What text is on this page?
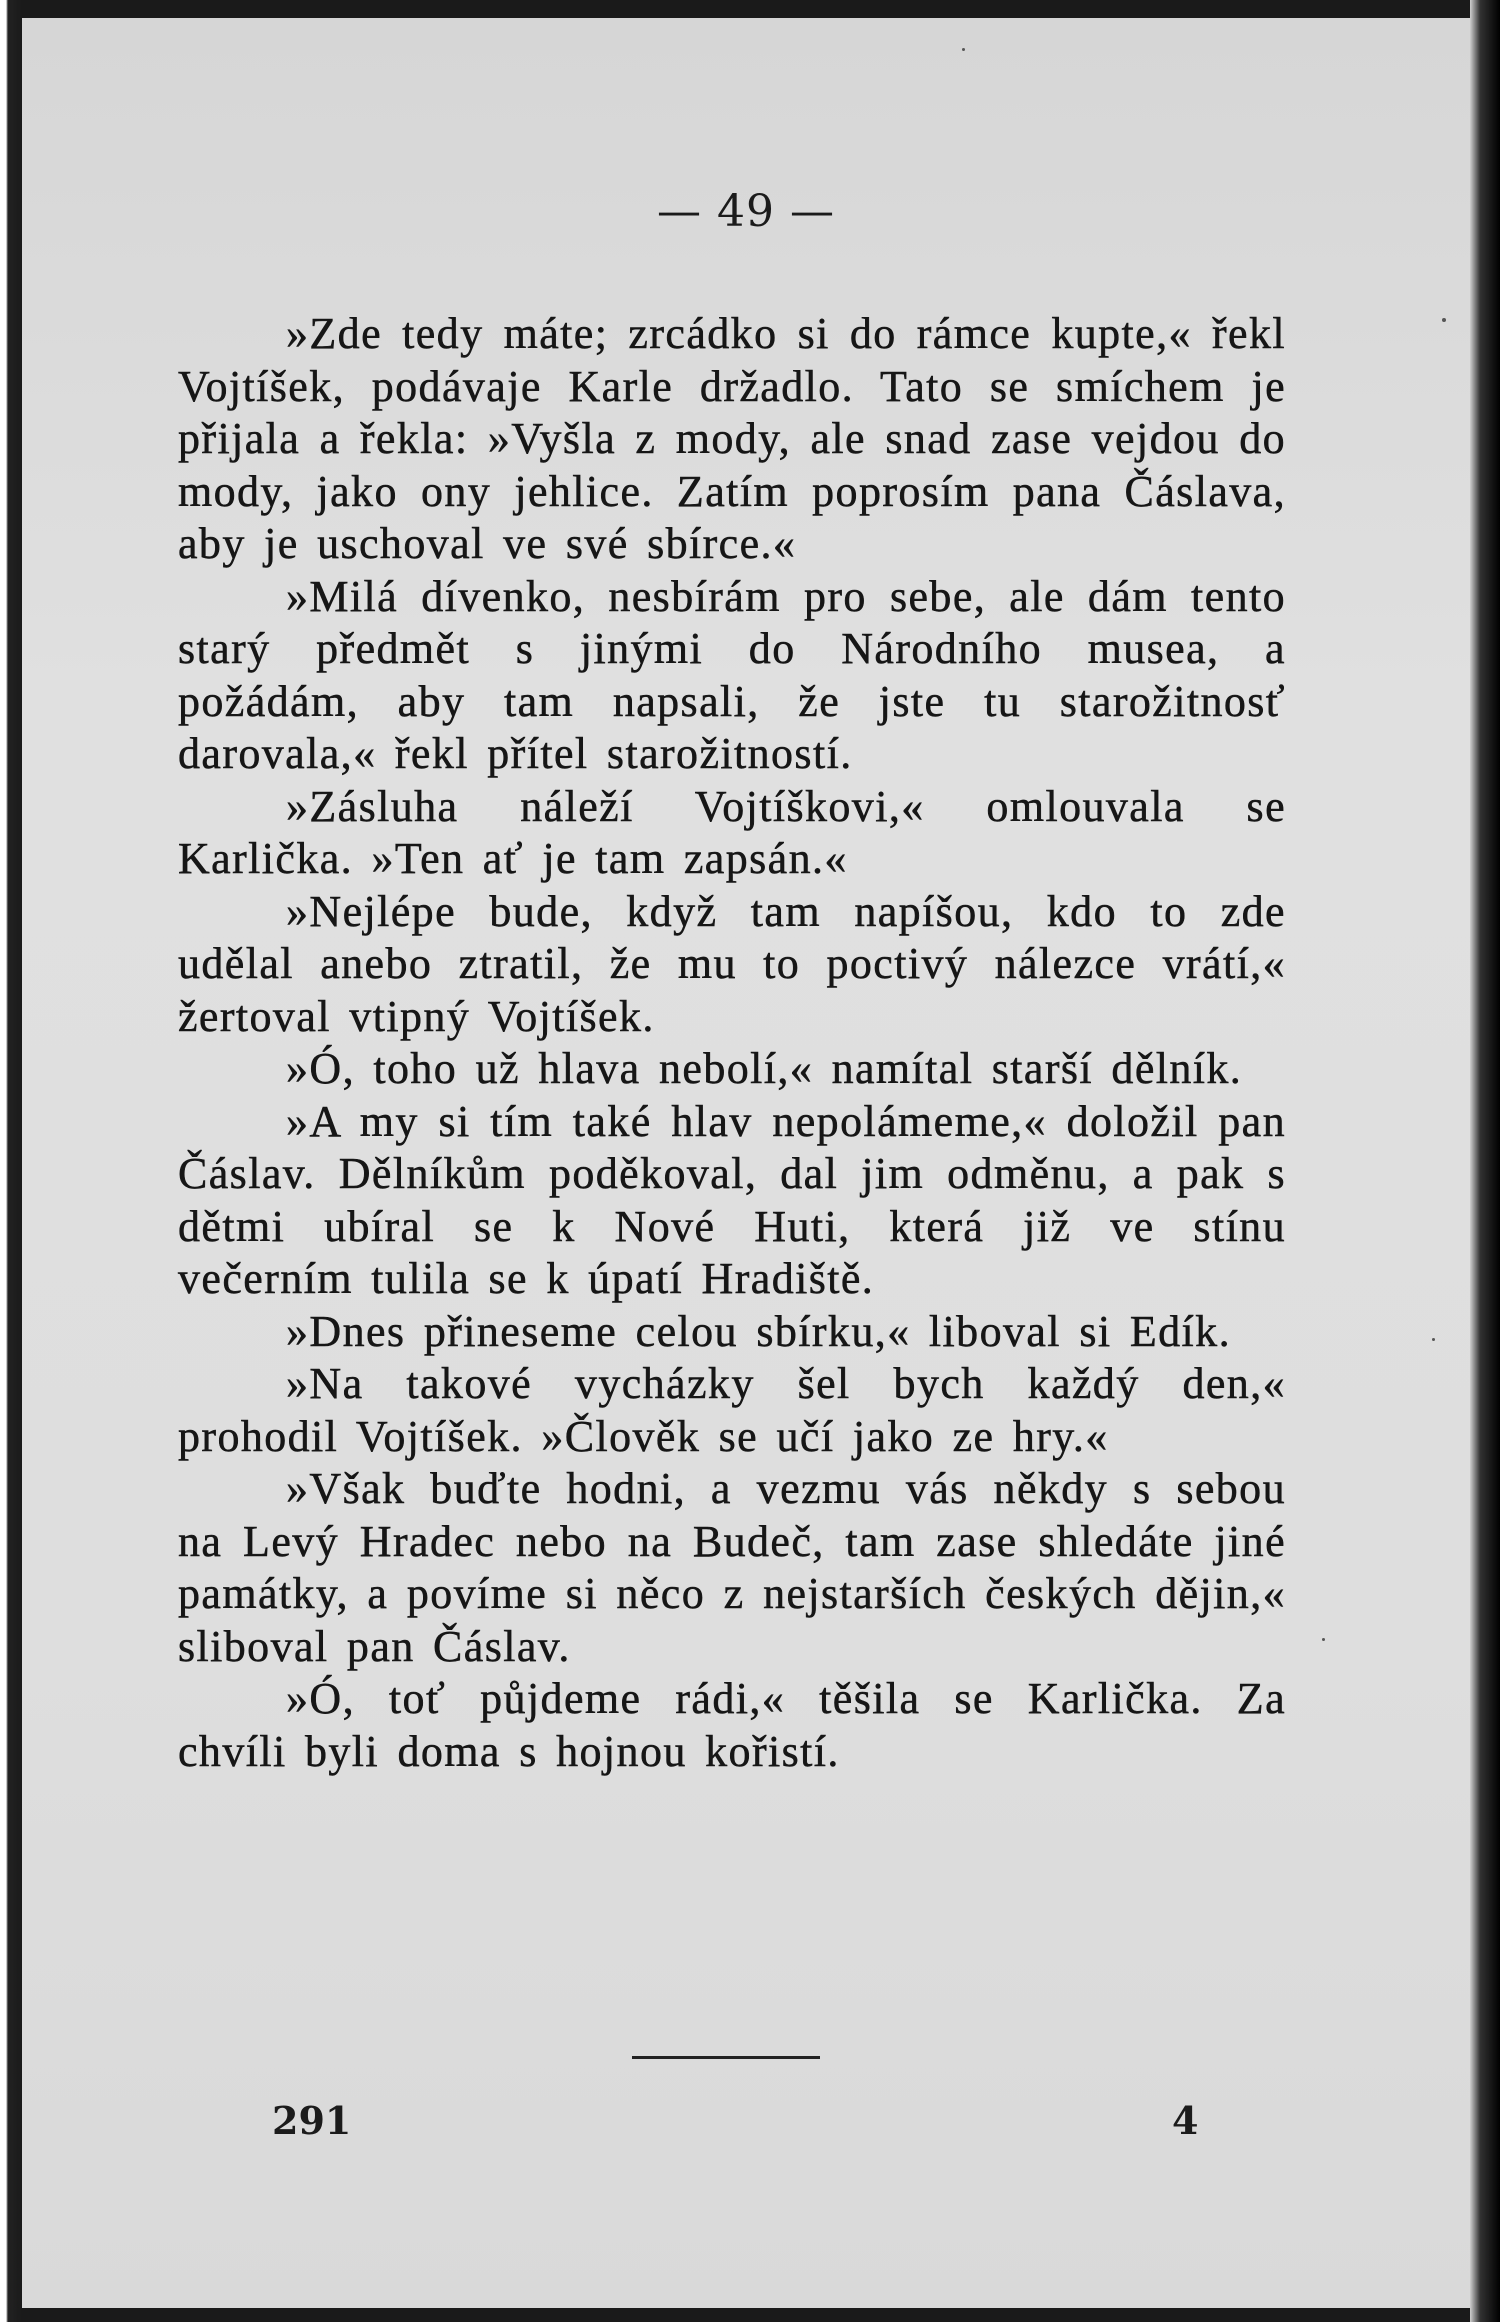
— 49 —

»Zde tedy máte; zrcádko si do rámce kupte,« řekl Vojtíšek, podávaje Karle držadlo. Tato se smíchem je přijala a řekla: »Vyšla z mody, ale snad zase vejdou do mody, jako ony jehlice. Zatím poprosím pana Čáslava, aby je uschoval ve své sbírce.«

»Milá dívenko, nesbírám pro sebe, ale dám tento starý předmět s jinými do Národního musea, a požádám, aby tam napsali, že jste tu starožitnosť darovala,« řekl přítel starožitností.

»Zásluha náleží Vojtíškovi,« omlouvala se Karlička. »Ten ať je tam zapsán.«

»Nejlépe bude, když tam napíšou, kdo to zde udělal anebo ztratil, že mu to poctivý nálezce vrátí,« žertoval vtipný Vojtíšek.

»Ó, toho už hlava nebolí,« namítal starší dělník.

»A my si tím také hlav nepolámeme,« doložil pan Čáslav. Dělníkům poděkoval, dal jim odměnu, a pak s dětmi ubíral se k Nové Huti, která již ve stínu večerním tulila se k úpatí Hradiště.

»Dnes přineseme celou sbírku,« liboval si Edík.

»Na takové vycházky šel bych každý den,« prohodil Vojtíšek. »Člověk se učí jako ze hry.«

»Však buďte hodni, a vezmu vás někdy s sebou na Levý Hradec nebo na Budeč, tam zase shledáte jiné památky, a povíme si něco z nejstarších českých dějin,« sliboval pan Čáslav.

»Ó, toť půjdeme rádi,« těšila se Karlička. Za chvíli byli doma s hojnou kořistí.

291	4
